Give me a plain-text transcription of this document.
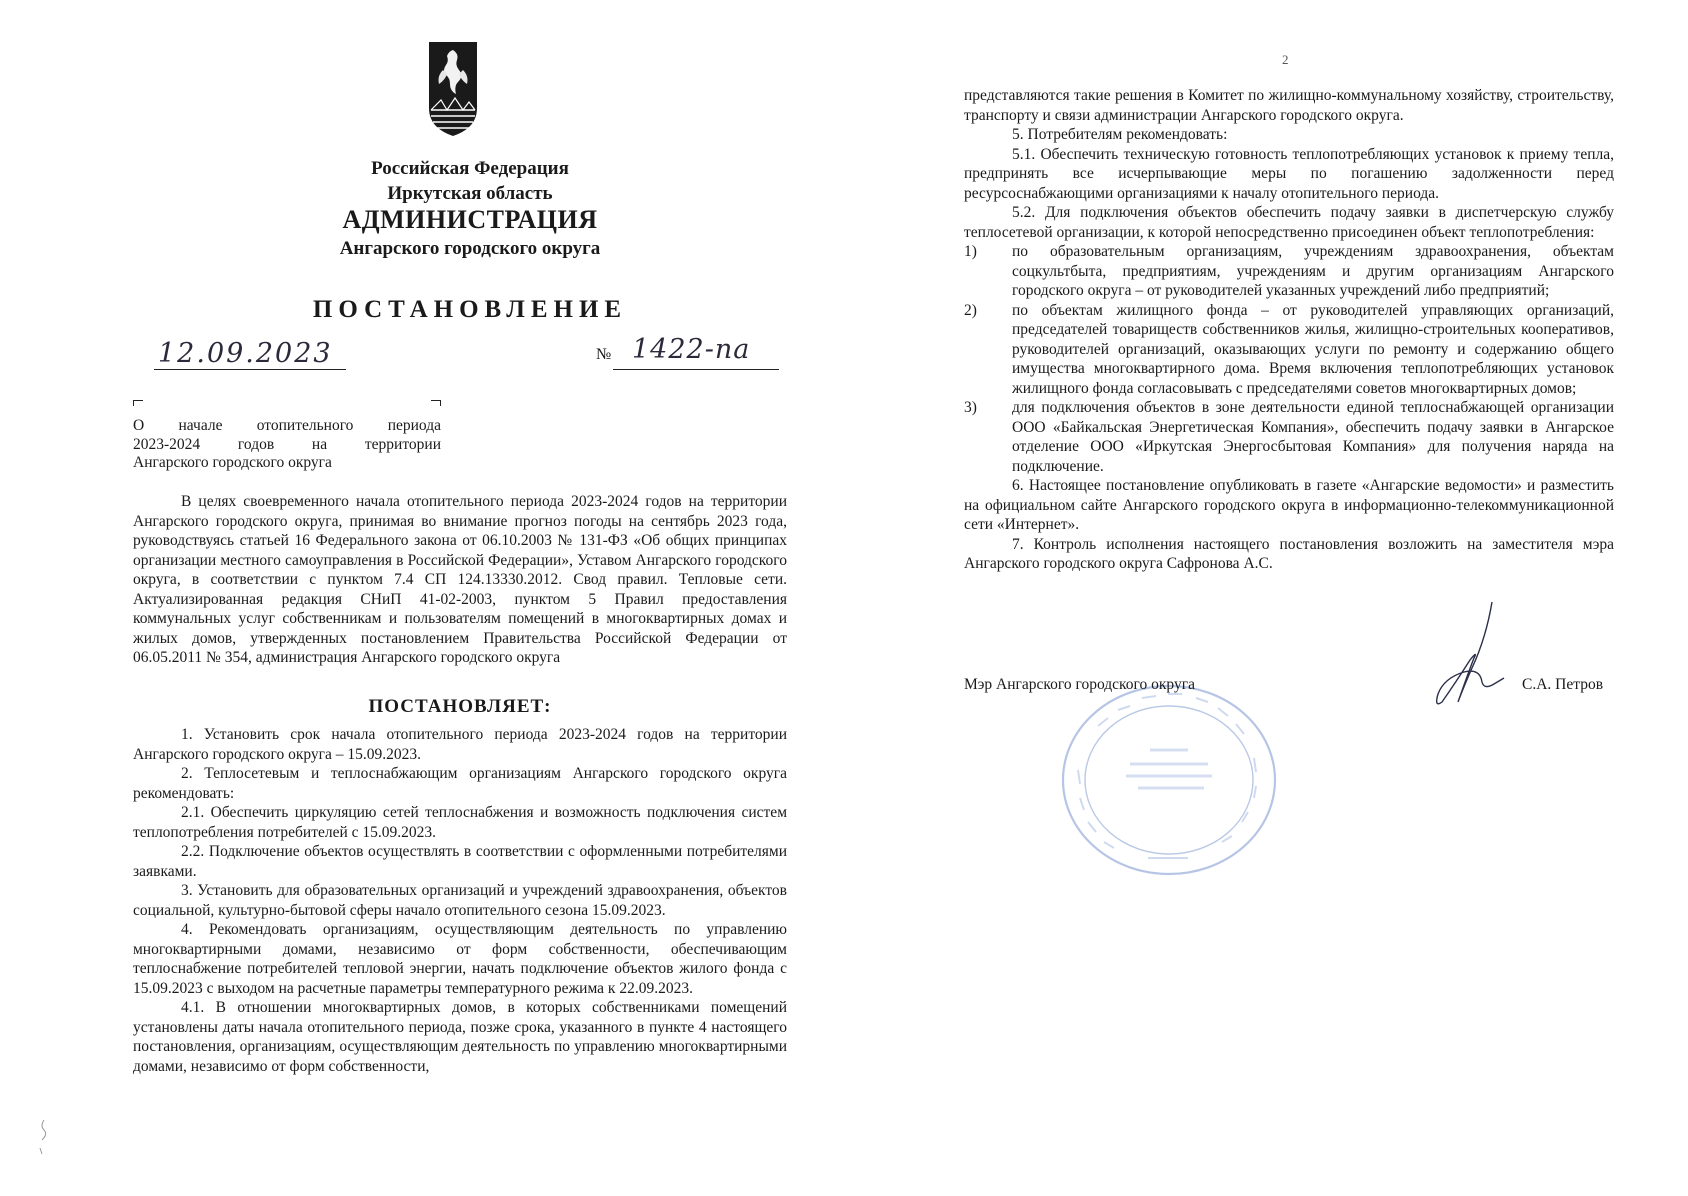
Российская Федерация
Иркутская область
АДМИНИСТРАЦИЯ
Ангарского городского округа
ПОСТАНОВЛЕНИЕ
12.09.2023	№ 1422-па
О начале отопительного периода
2023-2024 годов на территории
Ангарского городского округа

В целях своевременного начала отопительного периода 2023-2024 годов на территории Ангарского городского округа, принимая во внимание прогноз погоды на сентябрь 2023 года, руководствуясь статьей 16 Федерального закона от 06.10.2003 № 131-ФЗ «Об общих принципах организации местного самоуправления в Российской Федерации», Уставом Ангарского городского округа, в соответствии с пунктом 7.4 СП 124.13330.2012. Свод правил. Тепловые сети. Актуализированная редакция СНиП 41-02-2003, пунктом 5 Правил предоставления коммунальных услуг собственникам и пользователям помещений в многоквартирных домах и жилых домов, утвержденных постановлением Правительства Российской Федерации от 06.05.2011 № 354, администрация Ангарского городского округа

ПОСТАНОВЛЯЕТ:

1. Установить срок начала отопительного периода 2023-2024 годов на территории Ангарского городского округа – 15.09.2023.

2. Теплосетевым и теплоснабжающим организациям Ангарского городского округа рекомендовать:

2.1. Обеспечить циркуляцию сетей теплоснабжения и возможность подключения систем теплопотребления потребителей с 15.09.2023.

2.2. Подключение объектов осуществлять в соответствии с оформленными потребителями заявками.

3. Установить для образовательных организаций и учреждений здравоохранения, объектов социальной, культурно-бытовой сферы начало отопительного сезона 15.09.2023.

4. Рекомендовать организациям, осуществляющим деятельность по управлению многоквартирными домами, независимо от форм собственности, обеспечивающим теплоснабжение потребителей тепловой энергии, начать подключение объектов жилого фонда с 15.09.2023 с выходом на расчетные параметры температурного режима к 22.09.2023.

4.1. В отношении многоквартирных домов, в которых собственниками помещений установлены даты начала отопительного периода, позже срока, указанного в пункте 4 настоящего постановления, организациям, осуществляющим деятельность по управлению многоквартирными домами, независимо от форм собственности,

2

представляются такие решения в Комитет по жилищно-коммунальному хозяйству, строительству, транспорту и связи администрации Ангарского городского округа.

5. Потребителям рекомендовать:

5.1. Обеспечить техническую готовность теплопотребляющих установок к приему тепла, предпринять все исчерпывающие меры по погашению задолженности перед ресурсоснабжающими организациями к началу отопительного периода.

5.2. Для подключения объектов обеспечить подачу заявки в диспетчерскую службу теплосетевой организации, к которой непосредственно присоединен объект теплопотребления:

1)	по образовательным организациям, учреждениям здравоохранения, объектам соцкультбыта, предприятиям, учреждениям и другим организациям Ангарского городского округа – от руководителей указанных учреждений либо предприятий;
2)	по объектам жилищного фонда – от руководителей управляющих организаций, председателей товариществ собственников жилья, жилищно-строительных кооперативов, руководителей организаций, оказывающих услуги по ремонту и содержанию общего имущества многоквартирного дома. Время включения теплопотребляющих установок жилищного фонда согласовывать с председателями советов многоквартирных домов;
3)	для подключения объектов в зоне деятельности единой теплоснабжающей организации ООО «Байкальская Энергетическая Компания», обеспечить подачу заявки в Ангарское отделение ООО «Иркутская Энергосбытовая Компания» для получения наряда на подключение.

6. Настоящее постановление опубликовать в газете «Ангарские ведомости» и разместить на официальном сайте Ангарского городского округа в информационно-телекоммуникационной сети «Интернет».

7. Контроль исполнения настоящего постановления возложить на заместителя мэра Ангарского городского округа Сафронова А.С.

Мэр Ангарского городского округа	С.А. Петров
